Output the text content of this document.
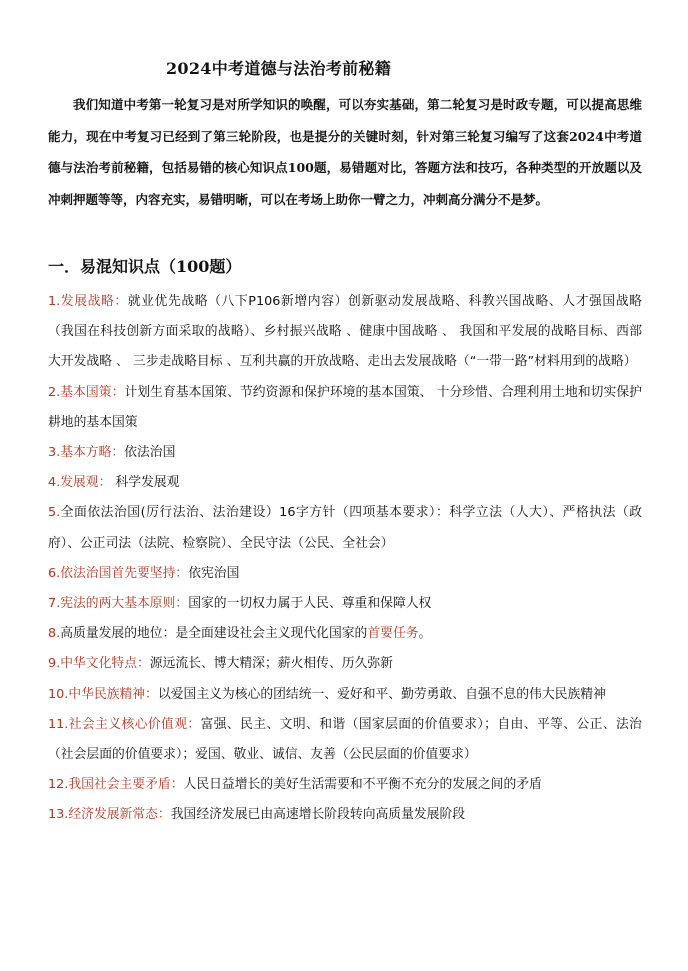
2024中考道德与法治考前秘籍
我们知道中考第一轮复习是对所学知识的唤醒，可以夯实基础，第二轮复习是时政专题，可以提高思维能力，现在中考复习已经到了第三轮阶段，也是提分的关键时刻，针对第三轮复习编写了这套2024中考道德与法治考前秘籍，包括易错的核心知识点100题，易错题对比，答题方法和技巧，各种类型的开放题以及冲刺押题等等，内容充实，易错明晰，可以在考场上助你一臂之力，冲刺高分满分不是梦。
一．易混知识点（100题）
1.发展战略：就业优先战略（八下P106新增内容）创新驱动发展战略、科教兴国战略、人才强国战略（我国在科技创新方面采取的战略）、乡村振兴战略 、健康中国战略 、 我国和平发展的战略目标、西部大开发战略 、 三步走战略目标 、互利共赢的开放战略、走出去发展战略（“一带一路”材料用到的战略）
2.基本国策：计划生育基本国策、节约资源和保护环境的基本国策、 十分珍惜、合理利用土地和切实保护耕地的基本国策
3.基本方略：依法治国
4.发展观： 科学发展观
5.全面依法治国(厉行法治、法治建设）16字方针（四项基本要求）：科学立法（人大）、严格执法（政府）、公正司法（法院、检察院）、全民守法（公民、全社会）
6.依法治国首先要坚持：依宪治国
7.宪法的两大基本原则：国家的一切权力属于人民、尊重和保障人权
8.高质量发展的地位：是全面建设社会主义现代化国家的首要任务。
9.中华文化特点：源远流长、博大精深；薪火相传、历久弥新
10.中华民族精神：以爱国主义为核心的团结统一、爱好和平、勤劳勇敢、自强不息的伟大民族精神
11.社会主义核心价值观：富强、民主、文明、和谐（国家层面的价值要求）；自由、平等、公正、法治（社会层面的价值要求）；爱国、敬业、诚信、友善（公民层面的价值要求）
12.我国社会主要矛盾：人民日益增长的美好生活需要和不平衡不充分的发展之间的矛盾
13.经济发展新常态：我国经济发展已由高速增长阶段转向高质量发展阶段
